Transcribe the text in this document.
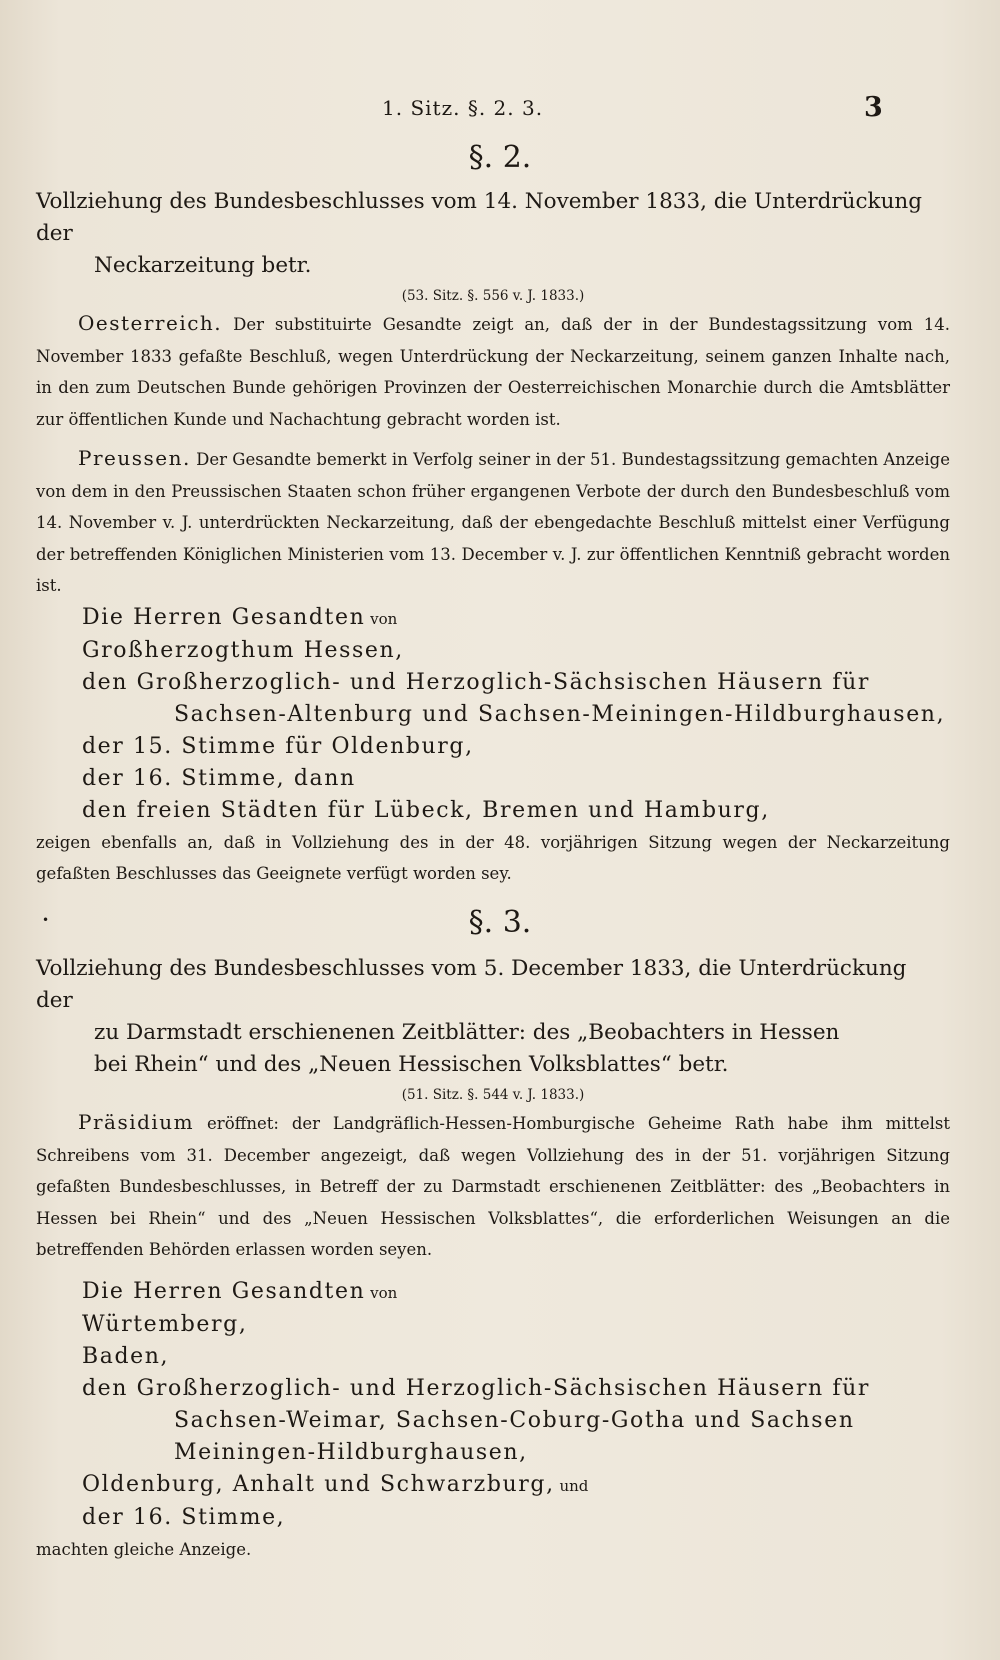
1. Sitz. §. 2. 3.	3

§. 2.

Vollziehung des Bundesbeschlusses vom 14. November 1833, die Unterdrückung der
Neckarzeitung betr.

(53. Sitz. §. 556 v. J. 1833.)

Oesterreich. Der substituirte Gesandte zeigt an, daß der in der Bundestagssitzung vom 14. November 1833 gefaßte Beschluß, wegen Unterdrückung der Neckarzeitung, seinem ganzen Inhalte nach, in den zum Deutschen Bunde gehörigen Provinzen der Oesterreichischen Monarchie durch die Amtsblätter zur öffentlichen Kunde und Nachachtung gebracht worden ist.

Preussen. Der Gesandte bemerkt in Verfolg seiner in der 51. Bundestagssitzung gemachten Anzeige von dem in den Preussischen Staaten schon früher ergangenen Verbote der durch den Bundesbeschluß vom 14. November v. J. unterdrückten Neckarzeitung, daß der ebengedachte Beschluß mittelst einer Verfügung der betreffenden Königlichen Ministerien vom 13. December v. J. zur öffentlichen Kenntniß gebracht worden ist.

Die Herren Gesandten von
Großherzogthum Hessen,
den Großherzoglich- und Herzoglich-Sächsischen Häusern für
Sachsen-Altenburg und Sachsen-Meiningen-Hildburghausen,
der 15. Stimme für Oldenburg,
der 16. Stimme, dann
den freien Städten für Lübeck, Bremen und Hamburg,

zeigen ebenfalls an, daß in Vollziehung des in der 48. vorjährigen Sitzung wegen der Neckarzeitung gefaßten Beschlusses das Geeignete verfügt worden sey.

•	§. 3.

Vollziehung des Bundesbeschlusses vom 5. December 1833, die Unterdrückung der
zu Darmstadt erschienenen Zeitblätter: des „Beobachters in Hessen
bei Rhein“ und des „Neuen Hessischen Volksblattes“ betr.

(51. Sitz. §. 544 v. J. 1833.)

Präsidium eröffnet: der Landgräflich-Hessen-Homburgische Geheime Rath habe ihm mittelst Schreibens vom 31. December angezeigt, daß wegen Vollziehung des in der 51. vorjährigen Sitzung gefaßten Bundesbeschlusses, in Betreff der zu Darmstadt erschienenen Zeitblätter: des „Beobachters in Hessen bei Rhein“ und des „Neuen Hessischen Volksblattes“, die erforderlichen Weisungen an die betreffenden Behörden erlassen worden seyen.

Die Herren Gesandten von
Würtemberg,
Baden,
den Großherzoglich- und Herzoglich-Sächsischen Häusern für
Sachsen-Weimar, Sachsen-Coburg-Gotha und Sachsen
Meiningen-Hildburghausen,
Oldenburg, Anhalt und Schwarzburg, und
der 16. Stimme,

machten gleiche Anzeige.
